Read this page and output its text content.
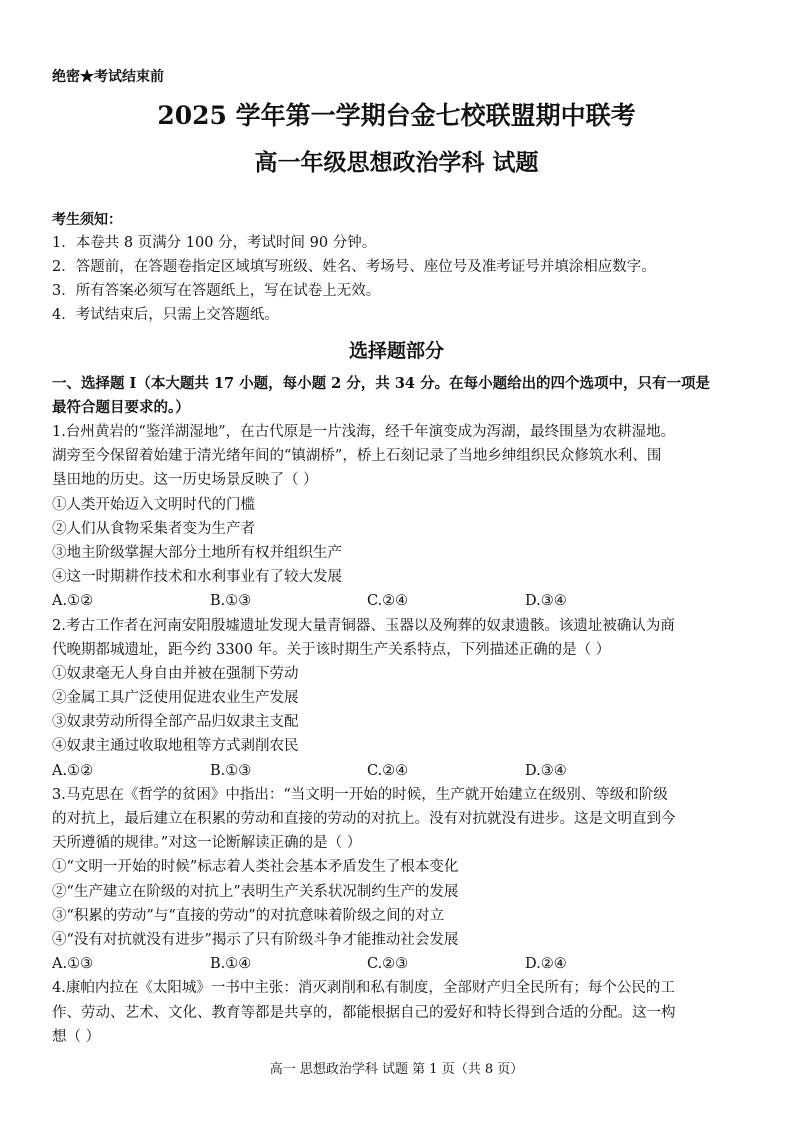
绝密★考试结束前
2025 学年第一学期台金七校联盟期中联考
高一年级思想政治学科 试题
考生须知：
1．本卷共 8 页满分 100 分，考试时间 90 分钟。
2．答题前，在答题卷指定区域填写班级、姓名、考场号、座位号及准考证号并填涂相应数字。
3．所有答案必须写在答题纸上，写在试卷上无效。
4．考试结束后，只需上交答题纸。
选择题部分
一、选择题 I（本大题共 17 小题，每小题 2 分，共 34 分。在每小题给出的四个选项中，只有一项是
最符合题目要求的。）
1.台州黄岩的“鉴洋湖湿地”，在古代原是一片浅海，经千年演变成为泻湖，最终围垦为农耕湿地。
湖旁至今保留着始建于清光绪年间的“镇湖桥”，桥上石刻记录了当地乡绅组织民众修筑水利、围
垦田地的历史。这一历史场景反映了（ ）
①人类开始迈入文明时代的门槛
②人们从食物采集者变为生产者
③地主阶级掌握大部分土地所有权并组织生产
④这一时期耕作技术和水利事业有了较大发展
A.①②	B.①③	C.②④	D.③④
2.考古工作者在河南安阳殷墟遗址发现大量青铜器、玉器以及殉葬的奴隶遗骸。该遗址被确认为商
代晚期都城遗址，距今约 3300 年。关于该时期生产关系特点，下列描述正确的是（ ）
①奴隶毫无人身自由并被在强制下劳动
②金属工具广泛使用促进农业生产发展
③奴隶劳动所得全部产品归奴隶主支配
④奴隶主通过收取地租等方式剥削农民
A.①②	B.①③	C.②④	D.③④
3.马克思在《哲学的贫困》中指出：“当文明一开始的时候，生产就开始建立在级别、等级和阶级
的对抗上，最后建立在积累的劳动和直接的劳动的对抗上。没有对抗就没有进步。这是文明直到今
天所遵循的规律。”对这一论断解读正确的是（ ）
①“文明一开始的时候”标志着人类社会基本矛盾发生了根本变化
②“生产建立在阶级的对抗上”表明生产关系状况制约生产的发展
③“积累的劳动”与“直接的劳动”的对抗意味着阶级之间的对立
④“没有对抗就没有进步”揭示了只有阶级斗争才能推动社会发展
A.①③	B.①④	C.②③	D.②④
4.康帕内拉在《太阳城》一书中主张：消灭剥削和私有制度，全部财产归全民所有；每个公民的工
作、劳动、艺术、文化、教育等都是共享的，都能根据自己的爱好和特长得到合适的分配。这一构
想（ ）
高一 思想政治学科 试题 第 1 页（共 8 页）
